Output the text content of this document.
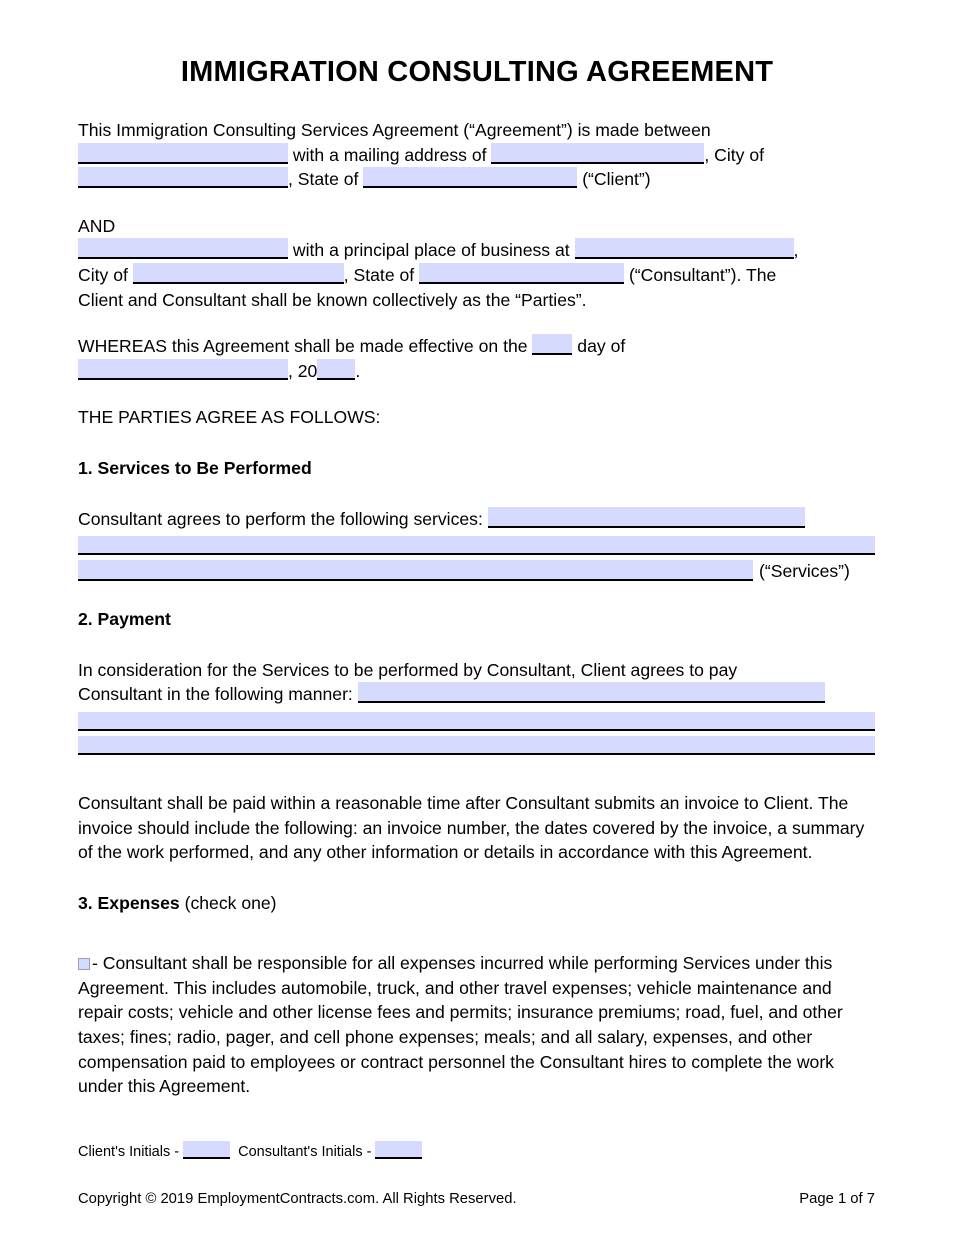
IMMIGRATION CONSULTING AGREEMENT

This Immigration Consulting Services Agreement (“Agreement”) is made between
with a mailing address of	, City of
, State of	(“Client”)

AND
with a principal place of business at	,
City of	, State of	(“Consultant”). The
Client and Consultant shall be known collectively as the “Parties”.

WHEREAS this Agreement shall be made effective on the  day of
, 20 .

THE PARTIES AGREE AS FOLLOWS:

1. Services to Be Performed

Consultant agrees to perform the following services:

(“Services”)
2. Payment

In consideration for the Services to be performed by Consultant, Client agrees to pay
Consultant in the following manner:

Consultant shall be paid within a reasonable time after Consultant submits an invoice to Client. The invoice should include the following: an invoice number, the dates covered by the invoice, a summary of the work performed, and any other information or details in accordance with this Agreement.

3. Expenses (check one)

- Consultant shall be responsible for all expenses incurred while performing Services under this Agreement. This includes automobile, truck, and other travel expenses; vehicle maintenance and repair costs; vehicle and other license fees and permits; insurance premiums; road, fuel, and other taxes; fines; radio, pager, and cell phone expenses; meals; and all salary, expenses, and other compensation paid to employees or contract personnel the Consultant hires to complete the work under this Agreement.

Client's Initials -	Consultant's Initials -
Copyright © 2019 EmploymentContracts.com. All Rights Reserved.	Page 1 of 7
